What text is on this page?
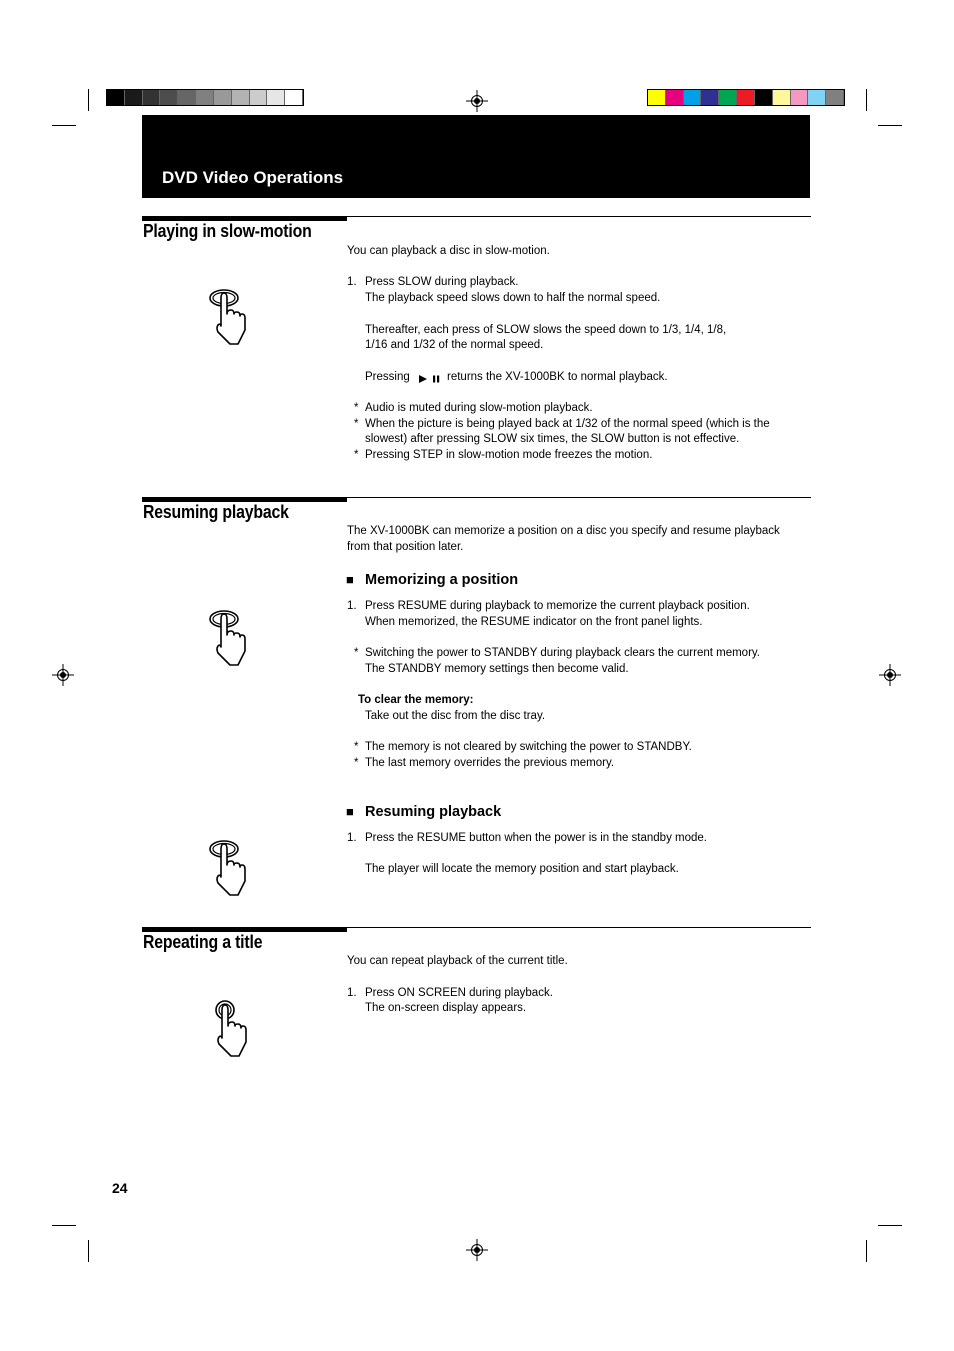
DVD Video Operations
Playing in slow-motion
You can playback a disc in slow-motion.
1. Press SLOW during playback.
The playback speed slows down to half the normal speed.
Thereafter, each press of SLOW slows the speed down to 1/3, 1/4, 1/8,
1/16 and 1/32 of the normal speed.
Pressing	returns the XV-1000BK to normal playback.
* Audio is muted during slow-motion playback.
* When the picture is being played back at 1/32 of the normal speed (which is the
slowest) after pressing SLOW six times, the SLOW button is not effective.
* Pressing STEP in slow-motion mode freezes the motion.
Resuming playback
The XV-1000BK can memorize a position on a disc you specify and resume playback
from that position later.
■ Memorizing a position
1. Press RESUME during playback to memorize the current playback position.
When memorized, the RESUME indicator on the front panel lights.
* Switching the power to STANDBY during playback clears the current memory.
The STANDBY memory settings then become valid.
To clear the memory:
Take out the disc from the disc tray.
* The memory is not cleared by switching the power to STANDBY.
* The last memory overrides the previous memory.
■ Resuming playback
1. Press the RESUME button when the power is in the standby mode.
The player will locate the memory position and start playback.
Repeating a title
You can repeat playback of the current title.
1. Press ON SCREEN during playback.
The on-screen display appears.
24
